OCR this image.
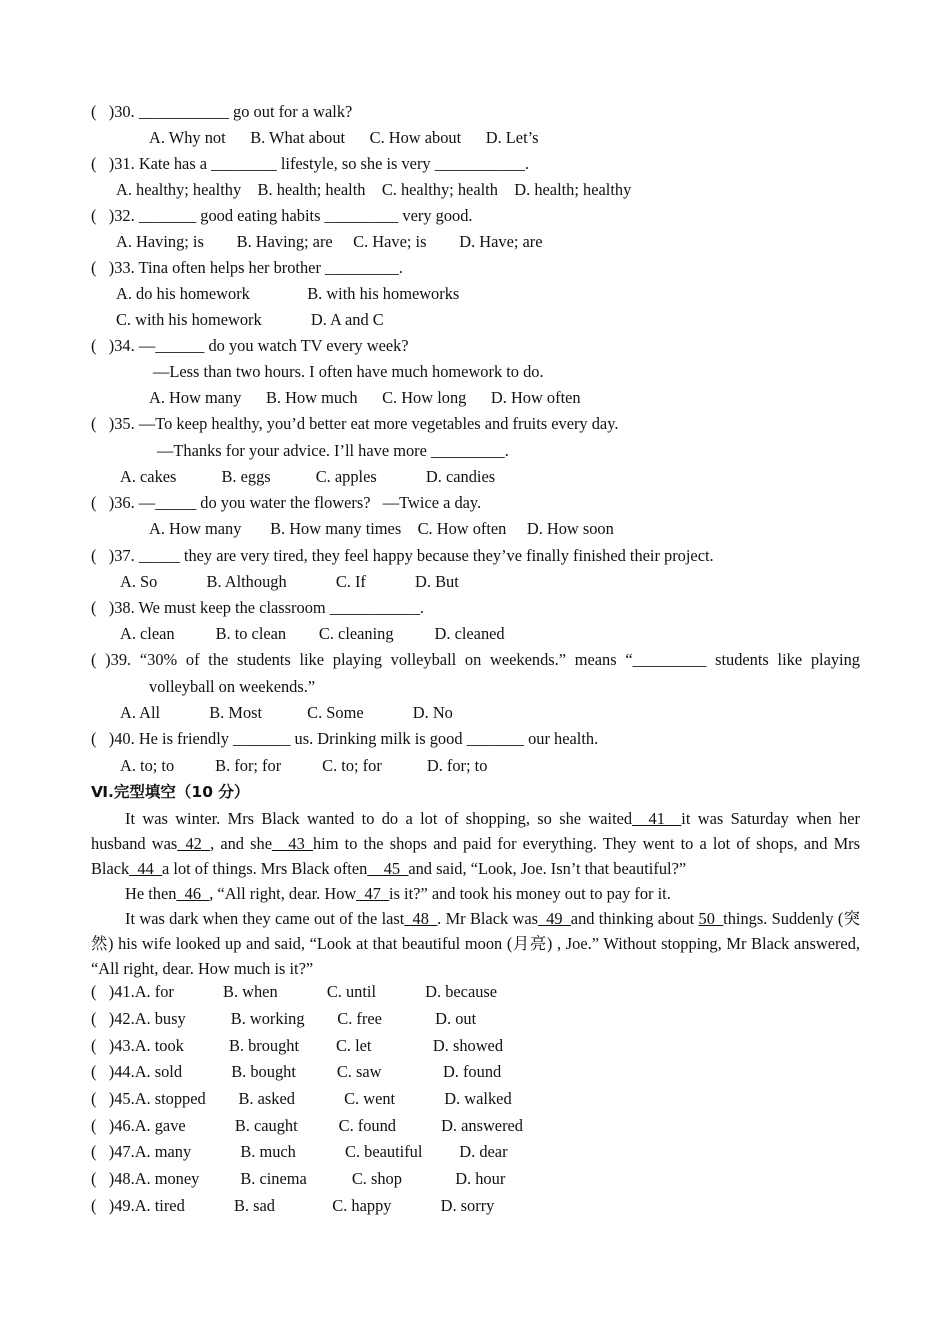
(   )30. ___________ go out for a walk?
A. Why not      B. What about      C. How about      D. Let’s
(   )31. Kate has a ________ lifestyle, so she is very ___________.
A. healthy; healthy    B. health; health    C. healthy; health    D. health; healthy
(   )32. _______ good eating habits _________ very good.
A. Having; is        B. Having; are     C. Have; is        D. Have; are
(   )33. Tina often helps her brother _________.
A. do his homework              B. with his homeworks
C. with his homework            D. A and C
(   )34. —______ do you watch TV every week?
—Less than two hours. I often have much homework to do.
A. How many      B. How much      C. How long      D. How often
(   )35. —To keep healthy, you’d better eat more vegetables and fruits every day.
—Thanks for your advice. I’ll have more _________.
A. cakes           B. eggs           C. apples            D. candies
(   )36. —_____ do you water the flowers?   —Twice a day.
A. How many       B. How many times    C. How often     D. How soon
(   )37. _____ they are very tired, they feel happy because they’ve finally finished their project.
A. So            B. Although            C. If            D. But
(   )38. We must keep the classroom ___________.
A. clean          B. to clean        C. cleaning          D. cleaned
( )39. “30% of the students like playing volleyball on weekends.” means “_________ students like playing
volleyball on weekends.”
A. All            B. Most           C. Some            D. No
(   )40. He is friendly _______ us. Drinking milk is good _______ our health.
A. to; to          B. for; for          C. to; for           D. for; to
Ⅵ.完型填空（10 分）
It was winter. Mrs Black wanted to do a lot of shopping, so she waited__41__it was Saturday when her husband was_42_, and she__43_him to the shops and paid for everything. They went to a lot of shops, and Mrs Black_44_a lot of things. Mrs Black often__45_and said, “Look, Joe. Isn’t that beautiful?”
He then_46_, “All right, dear. How_47_is it?” and took his money out to pay for it.
It was dark when they came out of the last_48_. Mr Black was_49_and thinking about 50_things. Suddenly (突然) his wife looked up and said, “Look at that beautiful moon (月亮) , Joe.” Without stopping, Mr Black answered, “All right, dear. How much is it?”
(   )41.A. for            B. when            C. until            D. because
(   )42.A. busy           B. working        C. free             D. out
(   )43.A. took           B. brought         C. let               D. showed
(   )44.A. sold            B. bought          C. saw               D. found
(   )45.A. stopped        B. asked            C. went            D. walked
(   )46.A. gave            B. caught          C. found           D. answered
(   )47.A. many            B. much            C. beautiful         D. dear
(   )48.A. money          B. cinema           C. shop             D. hour
(   )49.A. tired            B. sad              C. happy            D. sorry
